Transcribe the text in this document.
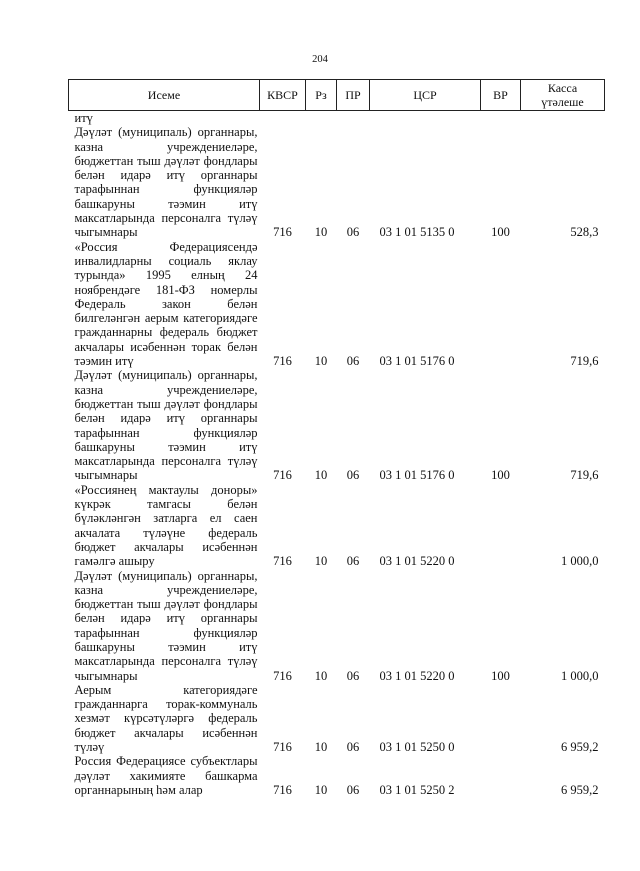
204
Исеме	КВСР	Рз	ПР	ЦСР	ВР	Касса
үтәлеше

итү						
Дәүләт (муниципаль) органнары, казна учреждениеләре, бюджеттан тыш дәүләт фондлары белән идарә итү органнары тарафыннан функцияләр башкаруны тәэмин итү максатларында персоналга түләү чыгымнары	716	10	06	03 1 01 5135 0	100	528,3
«Россия Федерациясендә инвалидларны социаль яклау турында» 1995 елның 24 ноябрендәге 181-ФЗ номерлы Федераль закон белән билгеләнгән аерым категориядәге гражданнарны федераль бюджет акчалары исәбеннән торак белән тәэмин итү	716	10	06	03 1 01 5176 0		719,6
Дәүләт (муниципаль) органнары, казна учреждениеләре, бюджеттан тыш дәүләт фондлары белән идарә итү органнары тарафыннан функцияләр башкаруны тәэмин итү максатларында персоналга түләү чыгымнары	716	10	06	03 1 01 5176 0	100	719,6
«Россиянең мактаулы доноры» күкрәк тамгасы белән бүләкләнгән затларга ел саен акчалата түләүне федераль бюджет акчалары исәбеннән гамәлгә ашыру	716	10	06	03 1 01 5220 0		1 000,0
Дәүләт (муниципаль) органнары, казна учреждениеләре, бюджеттан тыш дәүләт фондлары белән идарә итү органнары тарафыннан функцияләр башкаруны тәэмин итү максатларында персоналга түләү чыгымнары	716	10	06	03 1 01 5220 0	100	1 000,0
Аерым категориядәге гражданнарга торак-коммуналь хезмәт күрсәтүләргә федераль бюджет акчалары исәбеннән түләү	716	10	06	03 1 01 5250 0		6 959,2
Россия Федерациясе субъектлары дәүләт хакимияте башкарма органнарының һәм алар	716	10	06	03 1 01 5250 2		6 959,2
